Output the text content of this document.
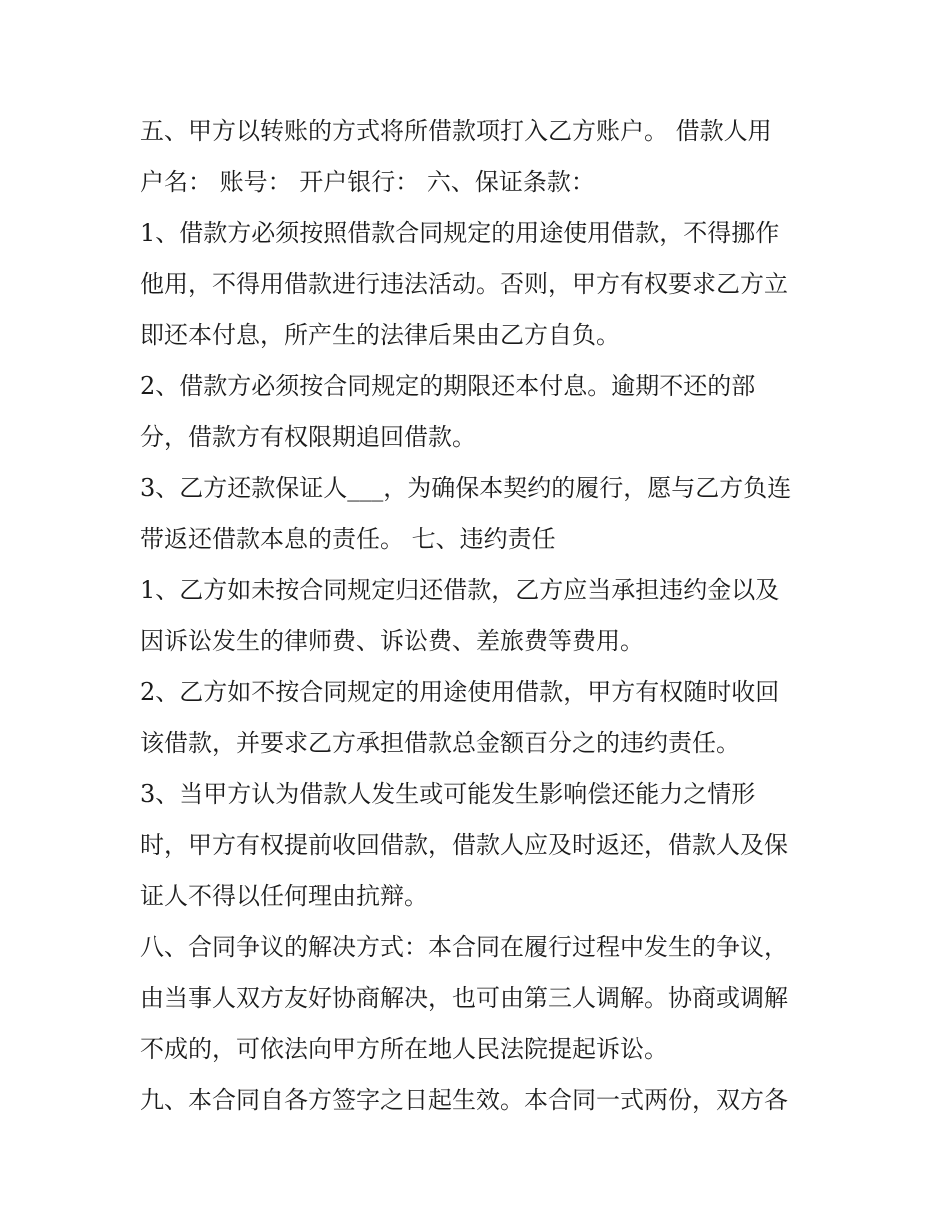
五、甲方以转账的方式将所借款项打入乙方账户。 借款人用
户名： 账号： 开户银行： 六、保证条款：
1、借款方必须按照借款合同规定的用途使用借款，不得挪作
他用，不得用借款进行违法活动。否则，甲方有权要求乙方立
即还本付息，所产生的法律后果由乙方自负。
2、借款方必须按合同规定的期限还本付息。逾期不还的部
分，借款方有权限期追回借款。
3、乙方还款保证人___，为确保本契约的履行，愿与乙方负连
带返还借款本息的责任。 七、违约责任
1、乙方如未按合同规定归还借款，乙方应当承担违约金以及
因诉讼发生的律师费、诉讼费、差旅费等费用。
2、乙方如不按合同规定的用途使用借款，甲方有权随时收回
该借款，并要求乙方承担借款总金额百分之的违约责任。
3、当甲方认为借款人发生或可能发生影响偿还能力之情形
时，甲方有权提前收回借款，借款人应及时返还，借款人及保
证人不得以任何理由抗辩。
八、合同争议的解决方式：本合同在履行过程中发生的争议，
由当事人双方友好协商解决，也可由第三人调解。协商或调解
不成的，可依法向甲方所在地人民法院提起诉讼。
九、本合同自各方签字之日起生效。本合同一式两份，双方各
